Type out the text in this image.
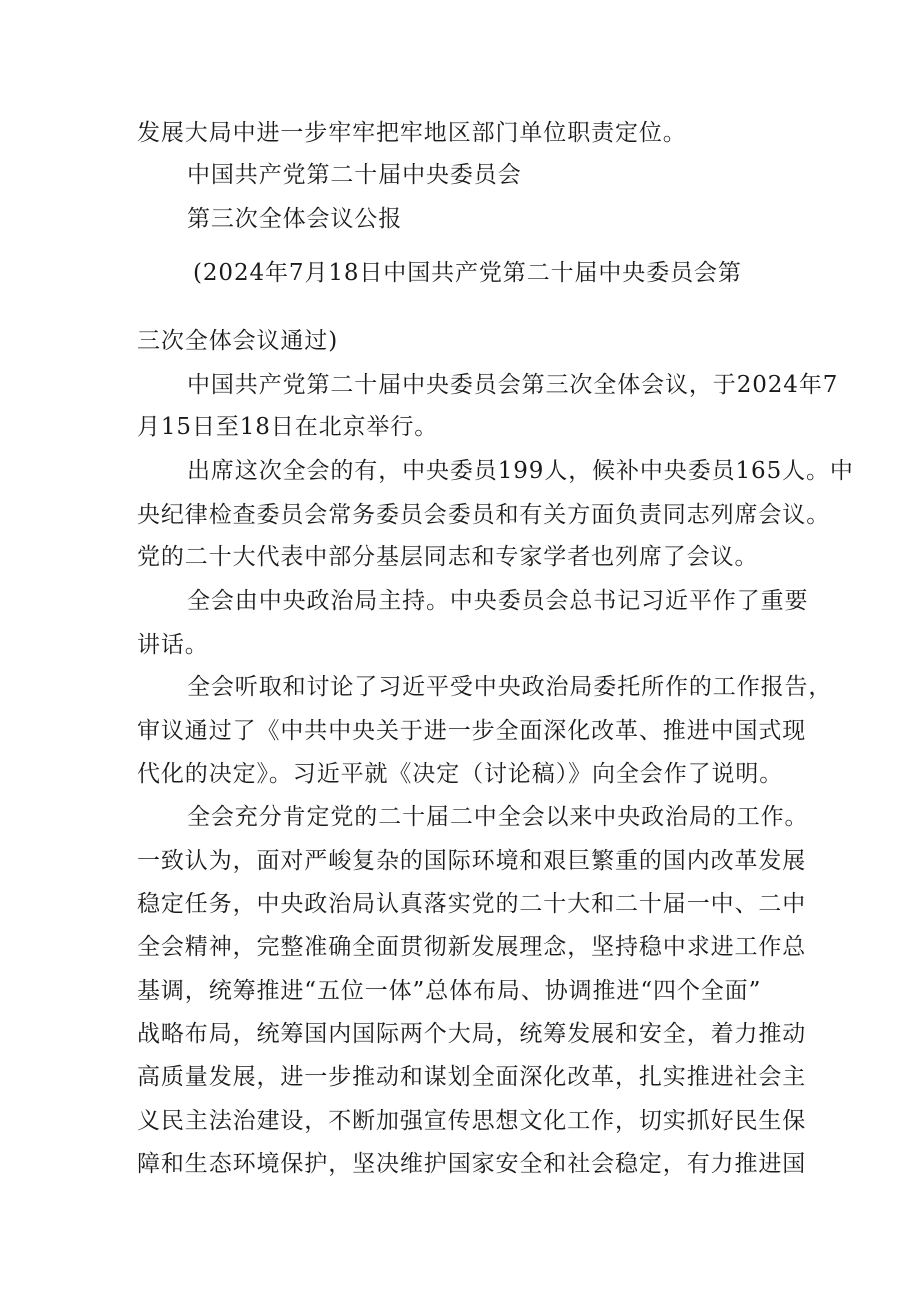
发展大局中进一步牢牢把牢地区部门单位职责定位。
中国共产党第二十届中央委员会
第三次全体会议公报
(2024年7月18日中国共产党第二十届中央委员会第
三次全体会议通过)
中国共产党第二十届中央委员会第三次全体会议，于2024年7
月15日至18日在北京举行。
出席这次全会的有，中央委员199人，候补中央委员165人。中
央纪律检查委员会常务委员会委员和有关方面负责同志列席会议。
党的二十大代表中部分基层同志和专家学者也列席了会议。
全会由中央政治局主持。中央委员会总书记习近平作了重要
讲话。
全会听取和讨论了习近平受中央政治局委托所作的工作报告，
审议通过了《中共中央关于进一步全面深化改革、推进中国式现
代化的决定》。习近平就《决定（讨论稿）》向全会作了说明。
全会充分肯定党的二十届二中全会以来中央政治局的工作。
一致认为，面对严峻复杂的国际环境和艰巨繁重的国内改革发展
稳定任务，中央政治局认真落实党的二十大和二十届一中、二中
全会精神，完整准确全面贯彻新发展理念，坚持稳中求进工作总
基调，统筹推进“五位一体”总体布局、协调推进“四个全面”
战略布局，统筹国内国际两个大局，统筹发展和安全，着力推动
高质量发展，进一步推动和谋划全面深化改革，扎实推进社会主
义民主法治建设，不断加强宣传思想文化工作，切实抓好民生保
障和生态环境保护，坚决维护国家安全和社会稳定，有力推进国
